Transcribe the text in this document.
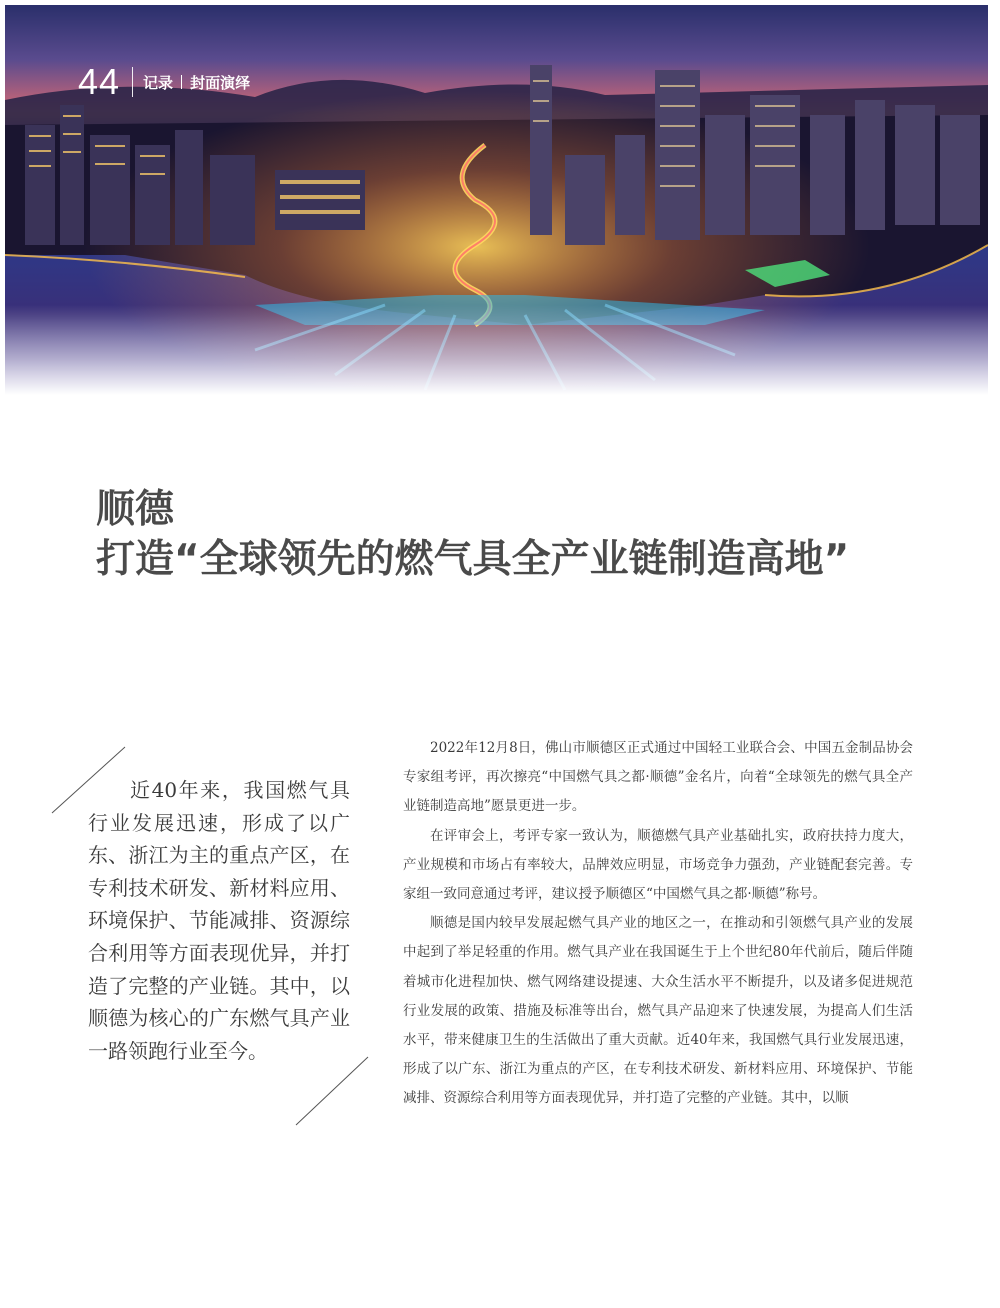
44 记录 封面演绎
顺德
打造“全球领先的燃气具全产业链制造高地”
近40年来，我国燃气具行业发展迅速，形成了以广东、浙江为主的重点产区，在专利技术研发、新材料应用、环境保护、节能减排、资源综合利用等方面表现优异，并打造了完整的产业链。其中，以顺德为核心的广东燃气具产业一路领跑行业至今。

2022年12月8日，佛山市顺德区正式通过中国轻工业联合会、中国五金制品协会专家组考评，再次擦亮“中国燃气具之都·顺德”金名片，向着“全球领先的燃气具全产业链制造高地”愿景更进一步。

在评审会上，考评专家一致认为，顺德燃气具产业基础扎实，政府扶持力度大，产业规模和市场占有率较大，品牌效应明显，市场竞争力强劲，产业链配套完善。专家组一致同意通过考评，建议授予顺德区“中国燃气具之都·顺德”称号。

顺德是国内较早发展起燃气具产业的地区之一，在推动和引领燃气具产业的发展中起到了举足轻重的作用。燃气具产业在我国诞生于上个世纪80年代前后，随后伴随着城市化进程加快、燃气网络建设提速、大众生活水平不断提升，以及诸多促进规范行业发展的政策、措施及标准等出台，燃气具产品迎来了快速发展，为提高人们生活水平，带来健康卫生的生活做出了重大贡献。近40年来，我国燃气具行业发展迅速，形成了以广东、浙江为重点的产区，在专利技术研发、新材料应用、环境保护、节能减排、资源综合利用等方面表现优异，并打造了完整的产业链。其中，以顺
